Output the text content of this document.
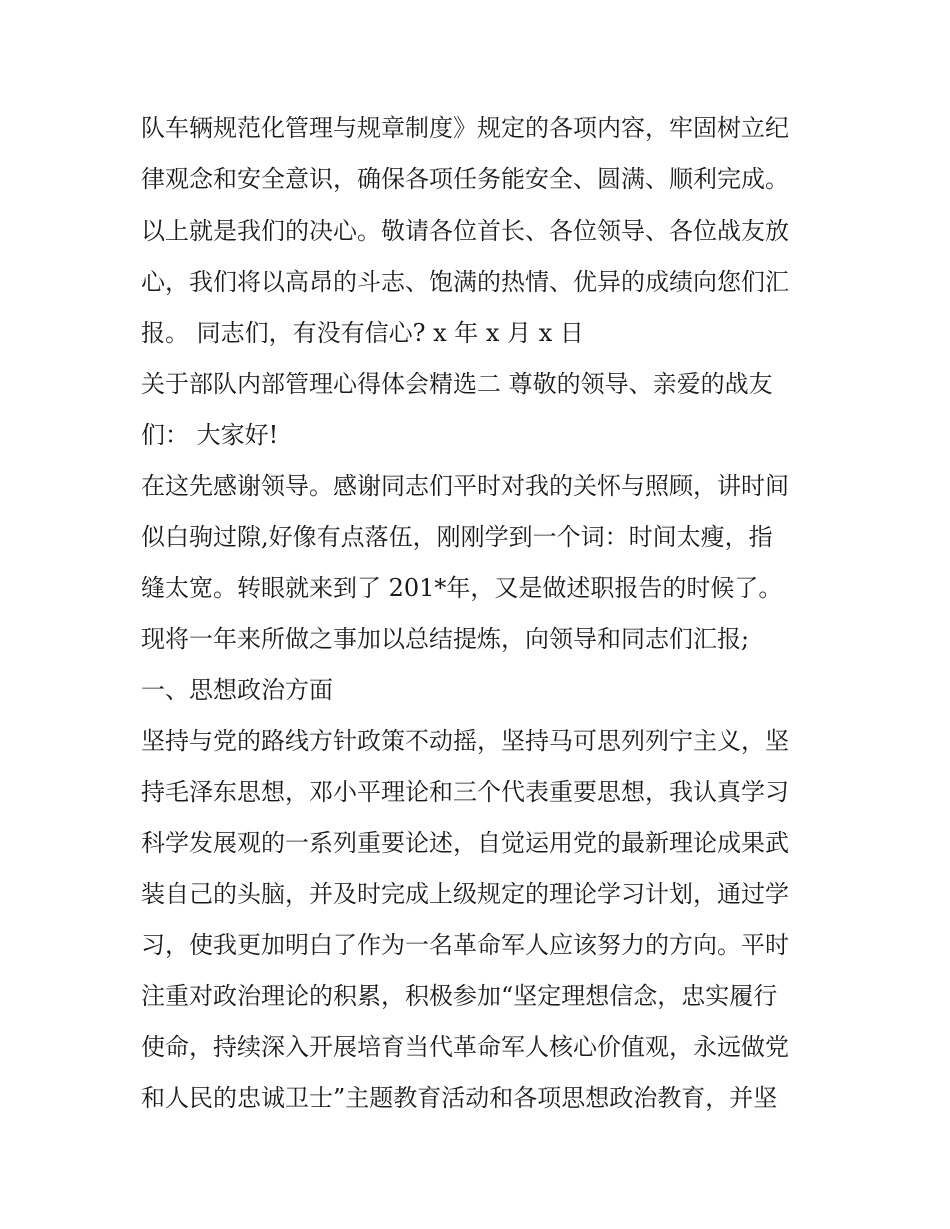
队车辆规范化管理与规章制度》规定的各项内容，牢固树立纪

律观念和安全意识，确保各项任务能安全、圆满、顺利完成。

以上就是我们的决心。敬请各位首长、各位领导、各位战友放

心，我们将以高昂的斗志、饱满的热情、优异的成绩向您们汇

报。 同志们，有没有信心? x 年 x 月 x 日

关于部队内部管理心得体会精选二 尊敬的领导、亲爱的战友

们： 大家好!

在这先感谢领导。感谢同志们平时对我的关怀与照顾，讲时间

似白驹过隙,好像有点落伍，刚刚学到一个词：时间太瘦，指

缝太宽。转眼就来到了 201*年，又是做述职报告的时候了。

现将一年来所做之事加以总结提炼，向领导和同志们汇报;

一、思想政治方面

坚持与党的路线方针政策不动摇，坚持马可思列列宁主义，坚

持毛泽东思想，邓小平理论和三个代表重要思想，我认真学习

科学发展观的一系列重要论述，自觉运用党的最新理论成果武

装自己的头脑，并及时完成上级规定的理论学习计划，通过学

习，使我更加明白了作为一名革命军人应该努力的方向。平时

注重对政治理论的积累，积极参加“坚定理想信念，忠实履行

使命，持续深入开展培育当代革命军人核心价值观，永远做党

和人民的忠诚卫士”主题教育活动和各项思想政治教育，并坚
